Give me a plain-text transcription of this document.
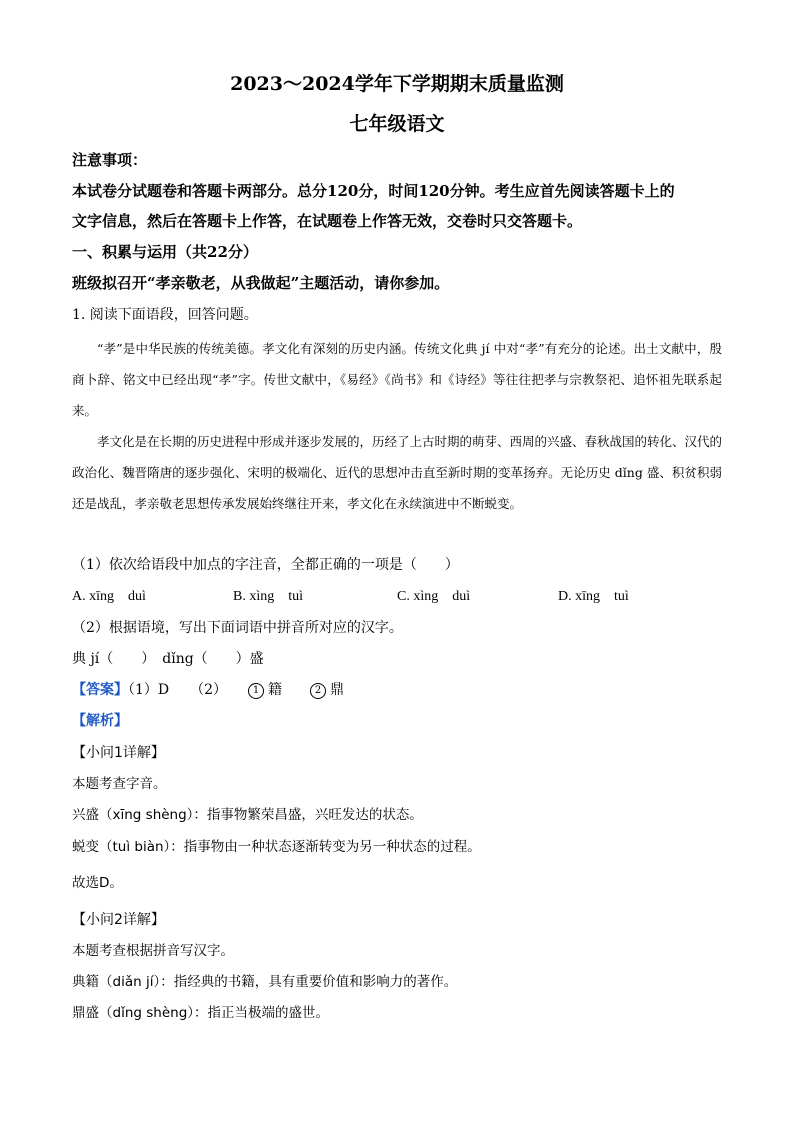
2023～2024学年下学期期末质量监测
七年级语文
注意事项：
本试卷分试题卷和答题卡两部分。总分120分，时间120分钟。考生应首先阅读答题卡上的
文字信息，然后在答题卡上作答，在试题卷上作答无效，交卷时只交答题卡。
一、积累与运用（共22分）
班级拟召开“孝亲敬老，从我做起”主题活动，请你参加。
1. 阅读下面语段，回答问题。

“孝”是中华民族的传统美德。孝文化有深刻的历史内涵。传统文化典 jí 中对“孝”有充分的论述。出土文献中，殷商卜辞、铭文中已经出现“孝”字。传世文献中，《易经》《尚书》和《诗经》等往往把孝与宗教祭祀、追怀祖先联系起来。

孝文化是在长期的历史进程中形成并逐步发展的，历经了上古时期的萌芽、西周的兴盛、春秋战国的转化、汉代的政治化、魏晋隋唐的逐步强化、宋明的极端化、近代的思想冲击直至新时期的变革扬弃。无论历史 dǐng 盛、积贫积弱还是战乱，孝亲敬老思想传承发展始终继往开来，孝文化在永续演进中不断蜕变。

（1）依次给语段中加点的字注音，全都正确的一项是（　　）
A. xīng　duì	B. xìng　tuì	C. xìng　duì	D. xīng　tuì
（2）根据语境，写出下面词语中拼音所对应的汉字。
典 jí（　　）　dǐng（　　）盛
【答案】（1）D　　（2）　　	1 籍　　	2 鼎
【解析】
【小问1详解】
本题考查字音。
兴盛（xīng shèng）：指事物繁荣昌盛，兴旺发达的状态。
蜕变（tuì biàn）：指事物由一种状态逐渐转变为另一种状态的过程。
故选D。
【小问2详解】
本题考查根据拼音写汉字。
典籍（diǎn jí）：指经典的书籍，具有重要价值和影响力的著作。
鼎盛（dǐng shèng）：指正当极端的盛世。
